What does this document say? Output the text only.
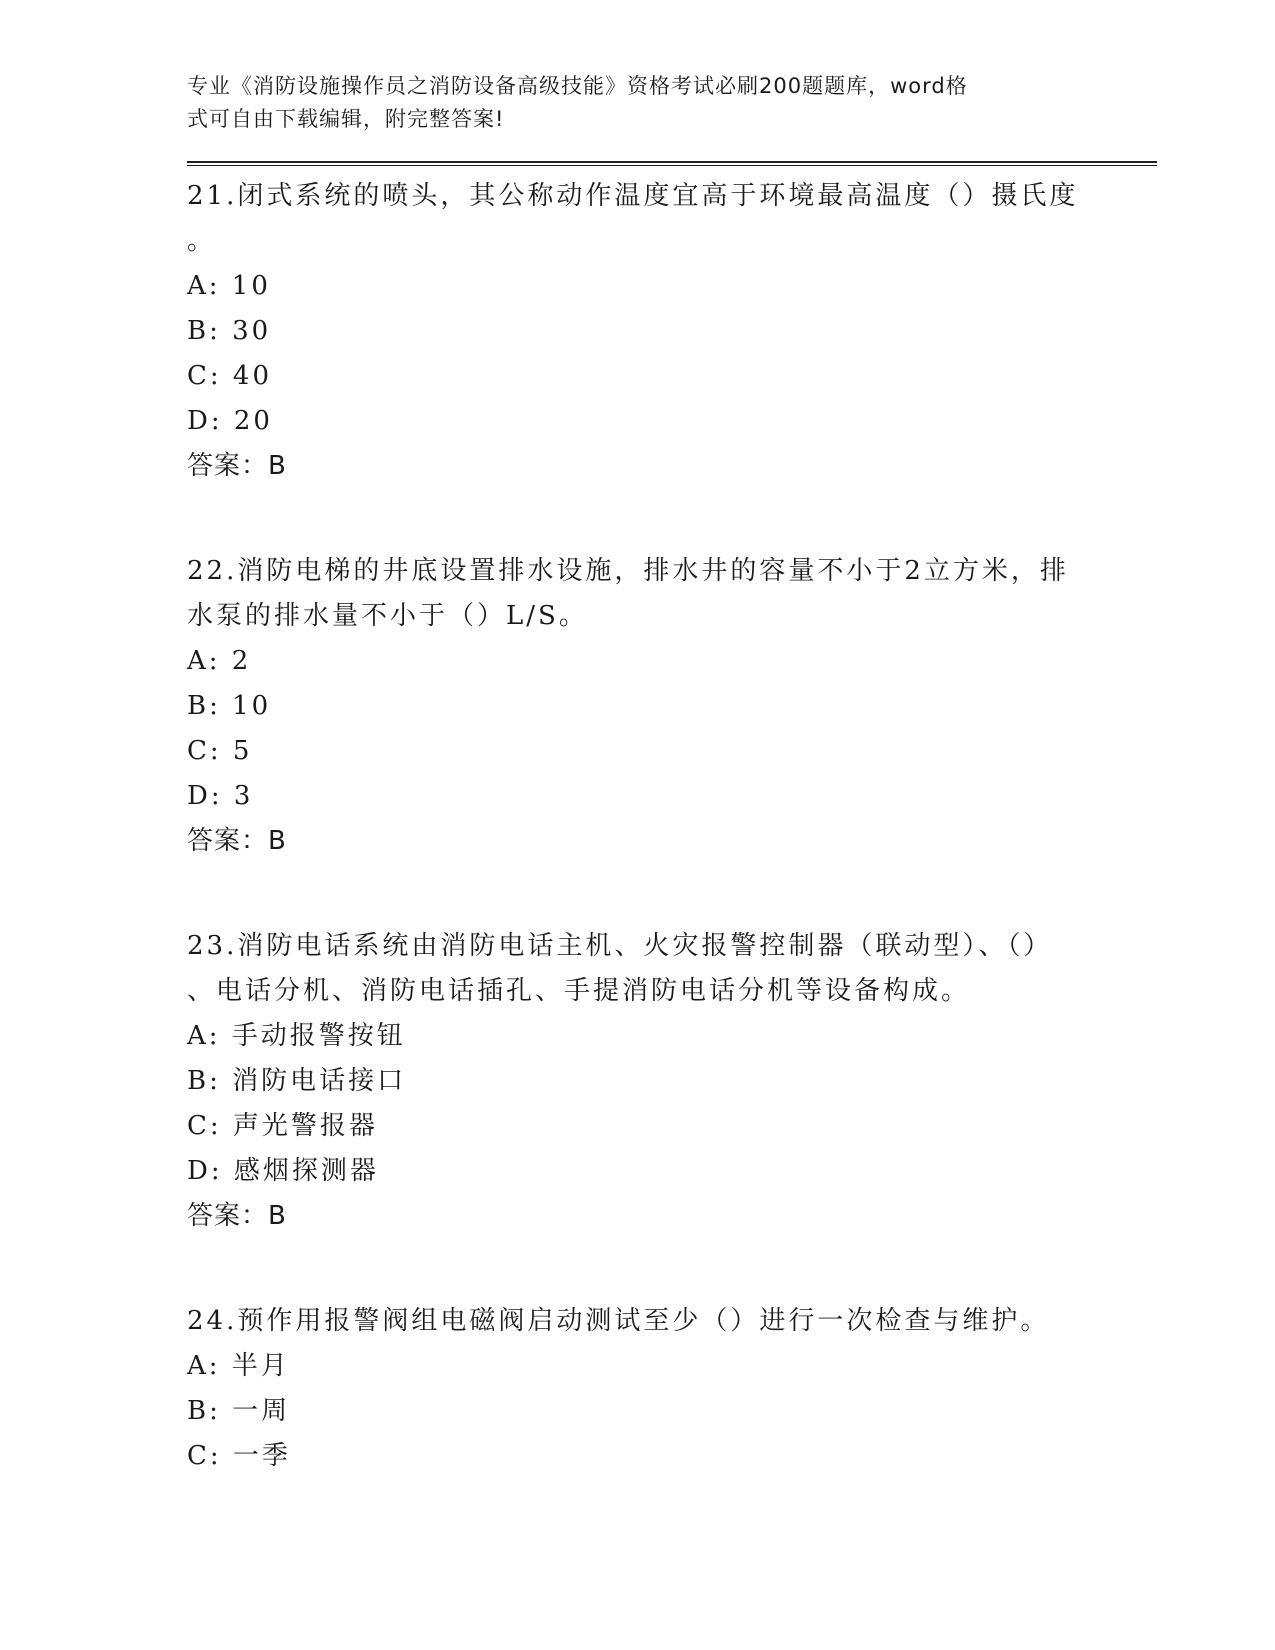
专业《消防设施操作员之消防设备高级技能》资格考试必刷200题题库，word格
式可自由下载编辑，附完整答案!
21.闭式系统的喷头，其公称动作温度宜高于环境最高温度（）摄氏度
。
A: 10
B: 30
C: 40
D: 20
答案：B
22.消防电梯的井底设置排水设施，排水井的容量不小于2立方米，排
水泵的排水量不小于（）L/S。
A: 2
B: 10
C: 5
D: 3
答案：B
23.消防电话系统由消防电话主机、火灾报警控制器（联动型）、（）
、电话分机、消防电话插孔、手提消防电话分机等设备构成。
A: 手动报警按钮
B: 消防电话接口
C: 声光警报器
D: 感烟探测器
答案：B
24.预作用报警阀组电磁阀启动测试至少（）进行一次检查与维护。
A: 半月
B: 一周
C: 一季
